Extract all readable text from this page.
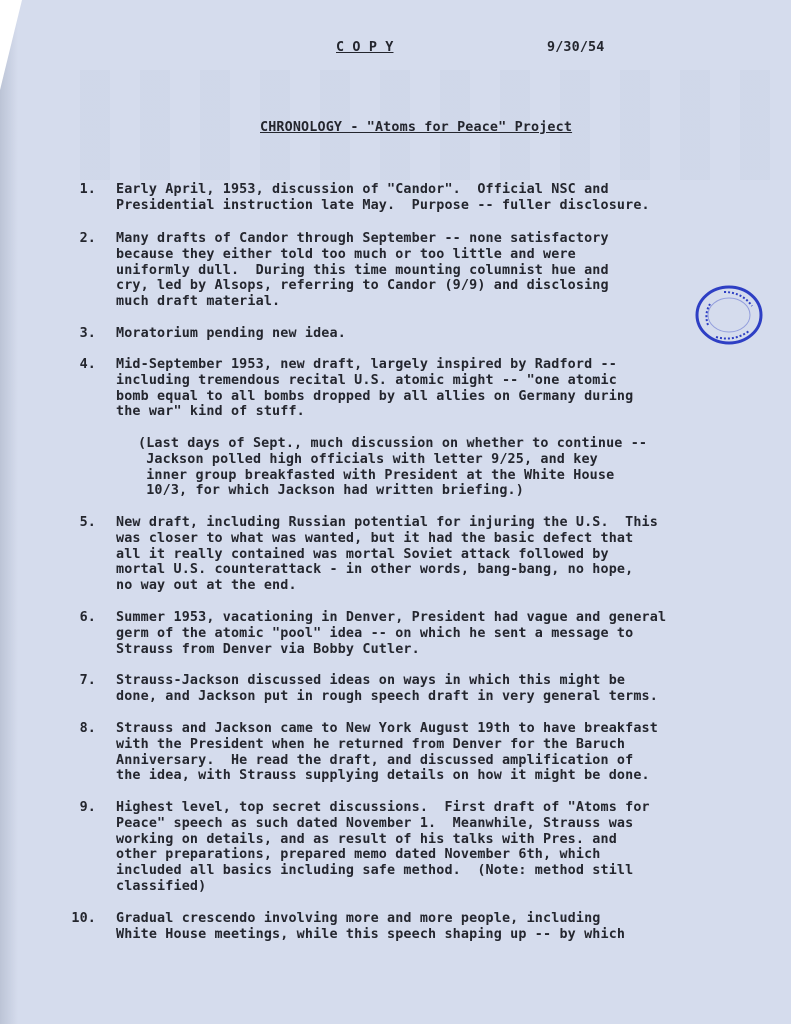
C O P Y	9/30/54
CHRONOLOGY - "Atoms for Peace" Project
1. Early April, 1953, discussion of "Candor".  Official NSC and
Presidential instruction late May.  Purpose -- fuller disclosure.
2. Many drafts of Candor through September -- none satisfactory
because they either told too much or too little and were
uniformly dull.  During this time mounting columnist hue and
cry, led by Alsops, referring to Candor (9/9) and disclosing
much draft material.
3. Moratorium pending new idea.
4. Mid-September 1953, new draft, largely inspired by Radford --
including tremendous recital U.S. atomic might -- "one atomic
bomb equal to all bombs dropped by all allies on Germany during
the war" kind of stuff.
(Last days of Sept., much discussion on whether to continue --
Jackson polled high officials with letter 9/25, and key
inner group breakfasted with President at the White House
10/3, for which Jackson had written briefing.)
5. New draft, including Russian potential for injuring the U.S.  This
was closer to what was wanted, but it had the basic defect that
all it really contained was mortal Soviet attack followed by
mortal U.S. counterattack - in other words, bang-bang, no hope,
no way out at the end.
6. Summer 1953, vacationing in Denver, President had vague and general
germ of the atomic "pool" idea -- on which he sent a message to
Strauss from Denver via Bobby Cutler.
7. Strauss-Jackson discussed ideas on ways in which this might be
done, and Jackson put in rough speech draft in very general terms.
8. Strauss and Jackson came to New York August 19th to have breakfast
with the President when he returned from Denver for the Baruch
Anniversary.  He read the draft, and discussed amplification of
the idea, with Strauss supplying details on how it might be done.
9. Highest level, top secret discussions.  First draft of "Atoms for
Peace" speech as such dated November 1.  Meanwhile, Strauss was
working on details, and as result of his talks with Pres. and
other preparations, prepared memo dated November 6th, which
included all basics including safe method.  (Note: method still
classified)
10. Gradual crescendo involving more and more people, including
White House meetings, while this speech shaping up -- by which
